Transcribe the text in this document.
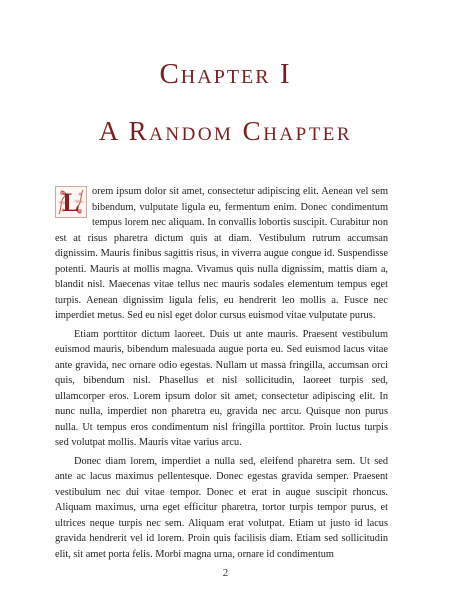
Chapter I
A Random Chapter

L	orem ipsum dolor sit amet, consectetur adipiscing elit. Aenean vel sem bibendum, vulputate ligula eu, fermentum enim. Donec condimentum tempus lorem nec aliquam. In convallis lobortis suscipit. Curabitur non est at risus pharetra dictum quis at diam. Vestibulum rutrum accumsan dignissim. Mauris finibus sagittis risus, in viverra augue congue id. Suspendisse potenti. Mauris at mollis magna. Vivamus quis nulla dignissim, mattis diam a, blandit nisl. Maecenas vitae tellus nec mauris sodales elementum tempus eget turpis. Aenean dignissim ligula felis, eu hendrerit leo mollis a. Fusce nec imperdiet metus. Sed eu nisl eget dolor cursus euismod vitae vulputate purus.

Etiam porttitor dictum laoreet. Duis ut ante mauris. Praesent vestibulum euismod mauris, bibendum malesuada augue porta eu. Sed euismod lacus vitae ante gravida, nec ornare odio egestas. Nullam ut massa fringilla, accumsan orci quis, bibendum nisl. Phasellus et nisl sollicitudin, laoreet turpis sed, ullamcorper eros. Lorem ipsum dolor sit amet, consectetur adipiscing elit. In nunc nulla, imperdiet non pharetra eu, gravida nec arcu. Quisque non purus nulla. Ut tempus eros condimentum nisl fringilla porttitor. Proin luctus turpis sed volutpat mollis. Mauris vitae varius arcu.

Donec diam lorem, imperdiet a nulla sed, eleifend pharetra sem. Ut sed ante ac lacus maximus pellentesque. Donec egestas gravida semper. Praesent vestibulum nec dui vitae tempor. Donec et erat in augue suscipit rhoncus. Aliquam maximus, urna eget efficitur pharetra, tortor turpis tempor purus, et ultrices neque turpis nec sem. Aliquam erat volutpat. Etiam ut justo id lacus gravida hendrerit vel id lorem. Proin quis facilisis diam. Etiam sed sollicitudin elit, sit amet porta felis. Morbi magna urna, ornare id condimentum

2
